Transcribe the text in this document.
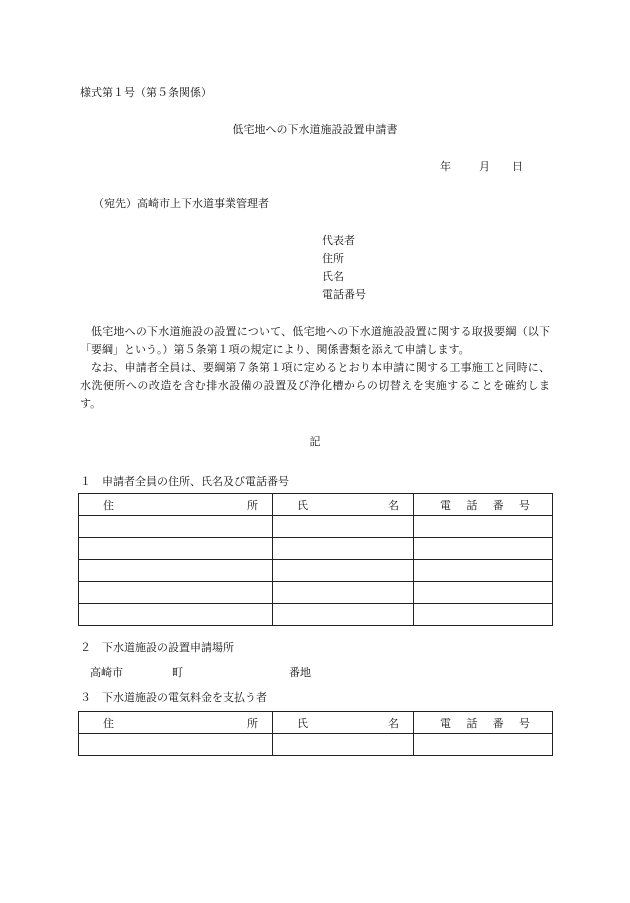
様式第１号（第５条関係）
低宅地への下水道施設設置申請書
年	月 日
（宛先）高崎市上下水道事業管理者
代表者
住所
氏名
電話番号

低宅地への下水道施設の設置について、低宅地への下水道施設設置に関する取扱要綱（以下「要綱」という。）第５条第１項の規定により、関係書類を添えて申請します。

なお、申請者全員は、要綱第７条第１項に定めるとおり本申請に関する工事施工と同時に、水洗便所への改造を含む排水設備の設置及び浄化槽からの切替えを実施することを確約します。

記
１ 申請者全員の住所、氏名及び電話番号
住 所	氏 名	電 話 番 号

２ 下水道施設の設置申請場所
高崎市	町	番地
３ 下水道施設の電気料金を支払う者
住 所	氏 名	電 話 番 号
